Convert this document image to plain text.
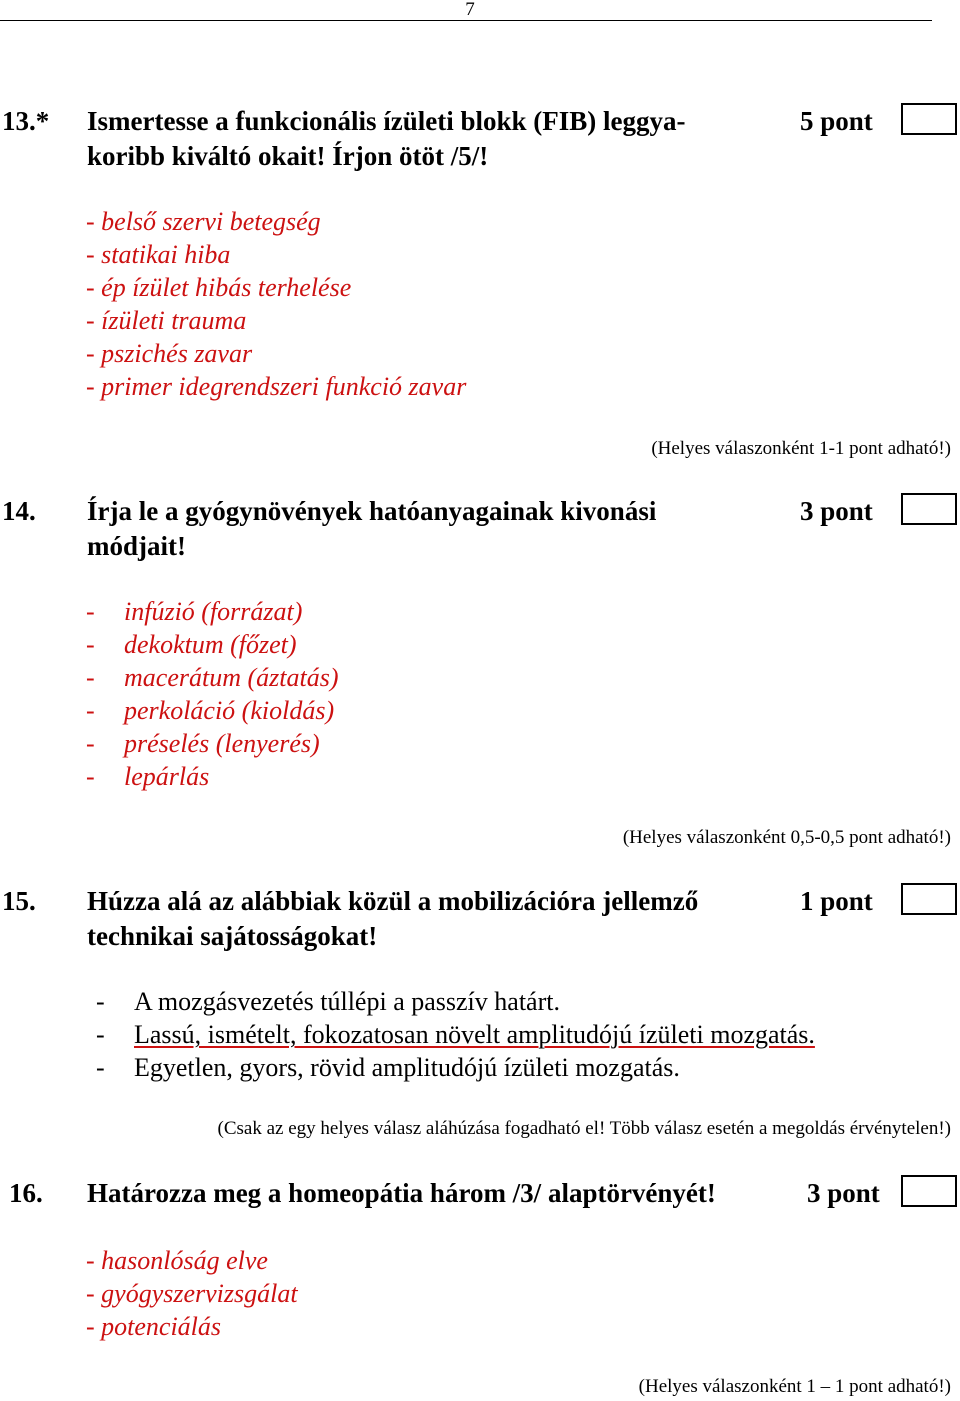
7
13.* Ismertesse a funkcionális ízületi blokk (FIB) leggya-
koribb kiváltó okait! Írjon ötöt /5/!
5 pont
- belső szervi betegség
- statikai hiba
- ép ízület hibás terhelése
- ízületi trauma
- pszichés zavar
- primer idegrendszeri funkció zavar
(Helyes válaszonként 1-1 pont adható!)
14. Írja le a gyógynövények hatóanyagainak kivonási
módjait!
3 pont
- infúzió (forrázat)
- dekoktum (főzet)
- macerátum (áztatás)
- perkoláció (kioldás)
- préselés (lenyerés)
- lepárlás
(Helyes válaszonként 0,5-0,5 pont adható!)
15. Húzza alá az alábbiak közül a mobilizációra jellemző
technikai sajátosságokat!
1 pont
- A mozgásvezetés túllépi a passzív határt.
- Lassú, ismételt, fokozatosan növelt amplitudójú ízületi mozgatás.
- Egyetlen, gyors, rövid amplitudójú ízületi mozgatás.
(Csak az egy helyes válasz aláhúzása fogadható el! Több válasz esetén a megoldás érvénytelen!)
16. Határozza meg a homeopátia három /3/ alaptörvényét!	3 pont
- hasonlóság elve
- gyógyszervizsgálat
- potenciálás
(Helyes válaszonként 1 – 1 pont adható!)
